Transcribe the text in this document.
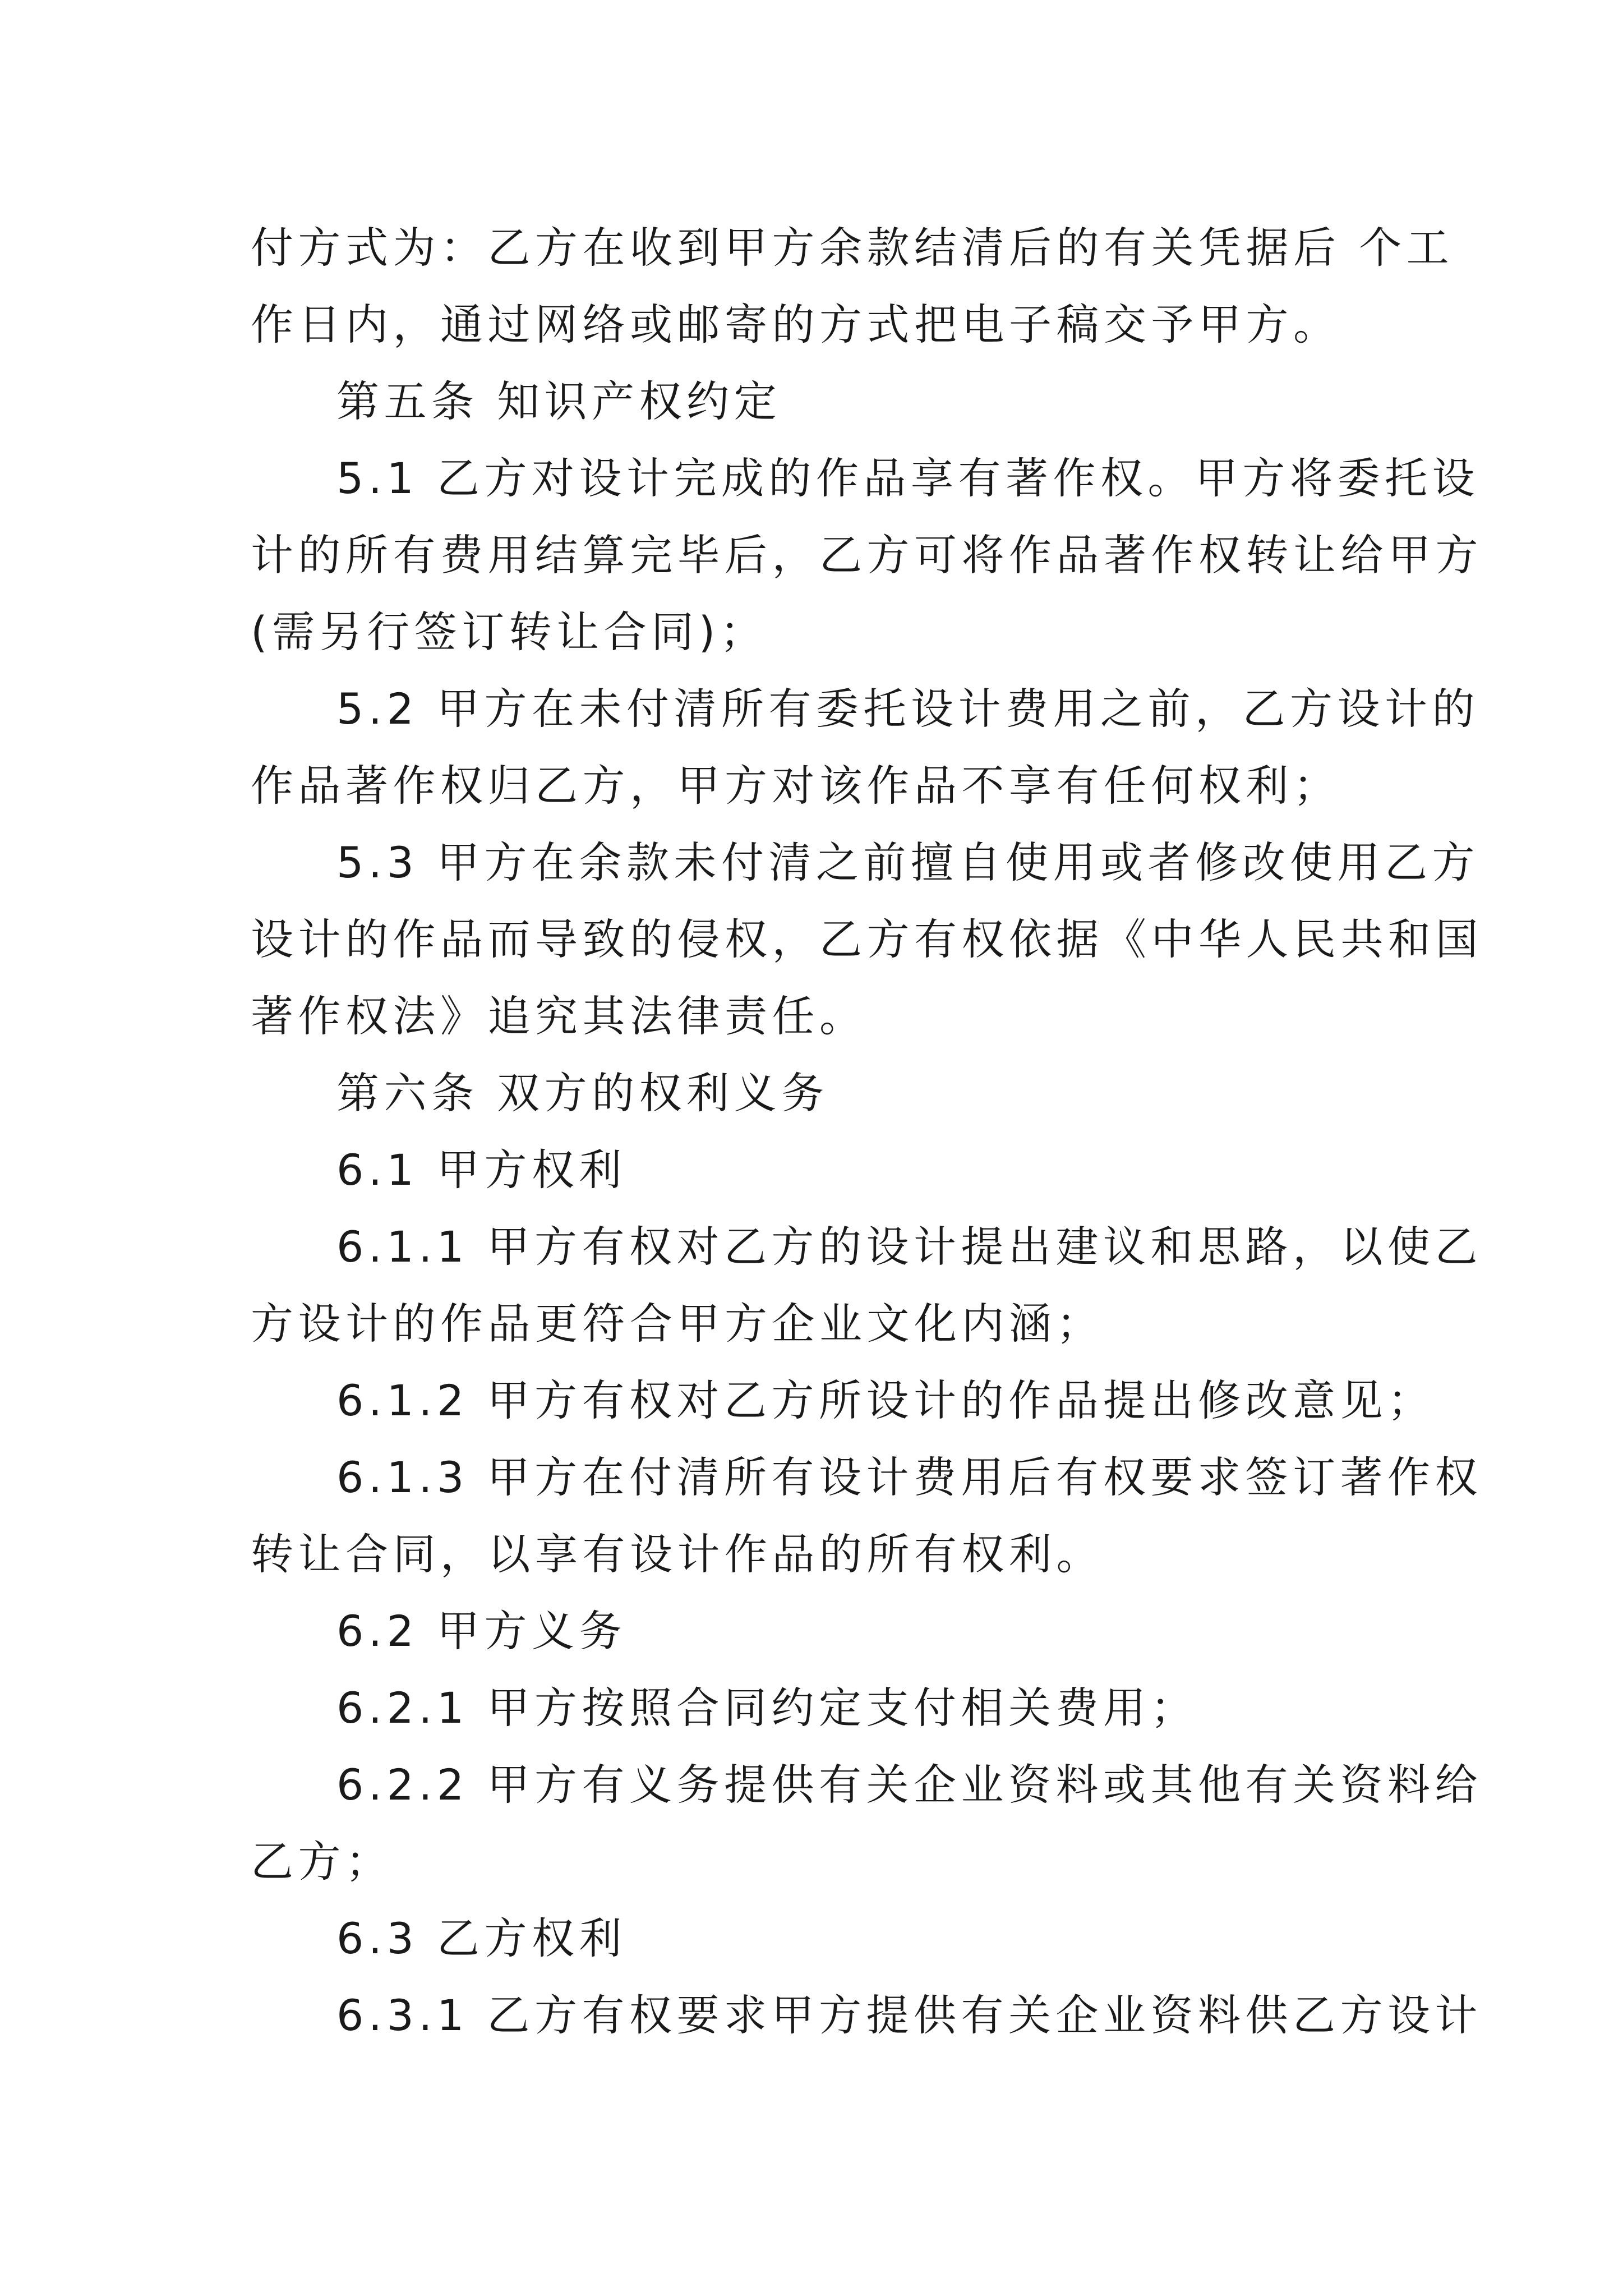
付方式为：乙方在收到甲方余款结清后的有关凭据后 个工
作日内，通过网络或邮寄的方式把电子稿交予甲方。
第五条 知识产权约定
5.1 乙方对设计完成的作品享有著作权。甲方将委托设
计的所有费用结算完毕后，乙方可将作品著作权转让给甲方
(需另行签订转让合同)；
5.2 甲方在未付清所有委托设计费用之前，乙方设计的
作品著作权归乙方，甲方对该作品不享有任何权利；
5.3 甲方在余款未付清之前擅自使用或者修改使用乙方
设计的作品而导致的侵权，乙方有权依据《中华人民共和国
著作权法》追究其法律责任。
第六条 双方的权利义务
6.1 甲方权利
6.1.1 甲方有权对乙方的设计提出建议和思路，以使乙
方设计的作品更符合甲方企业文化内涵；
6.1.2 甲方有权对乙方所设计的作品提出修改意见；
6.1.3 甲方在付清所有设计费用后有权要求签订著作权
转让合同，以享有设计作品的所有权利。
6.2 甲方义务
6.2.1 甲方按照合同约定支付相关费用；
6.2.2 甲方有义务提供有关企业资料或其他有关资料给
乙方；
6.3 乙方权利
6.3.1 乙方有权要求甲方提供有关企业资料供乙方设计
